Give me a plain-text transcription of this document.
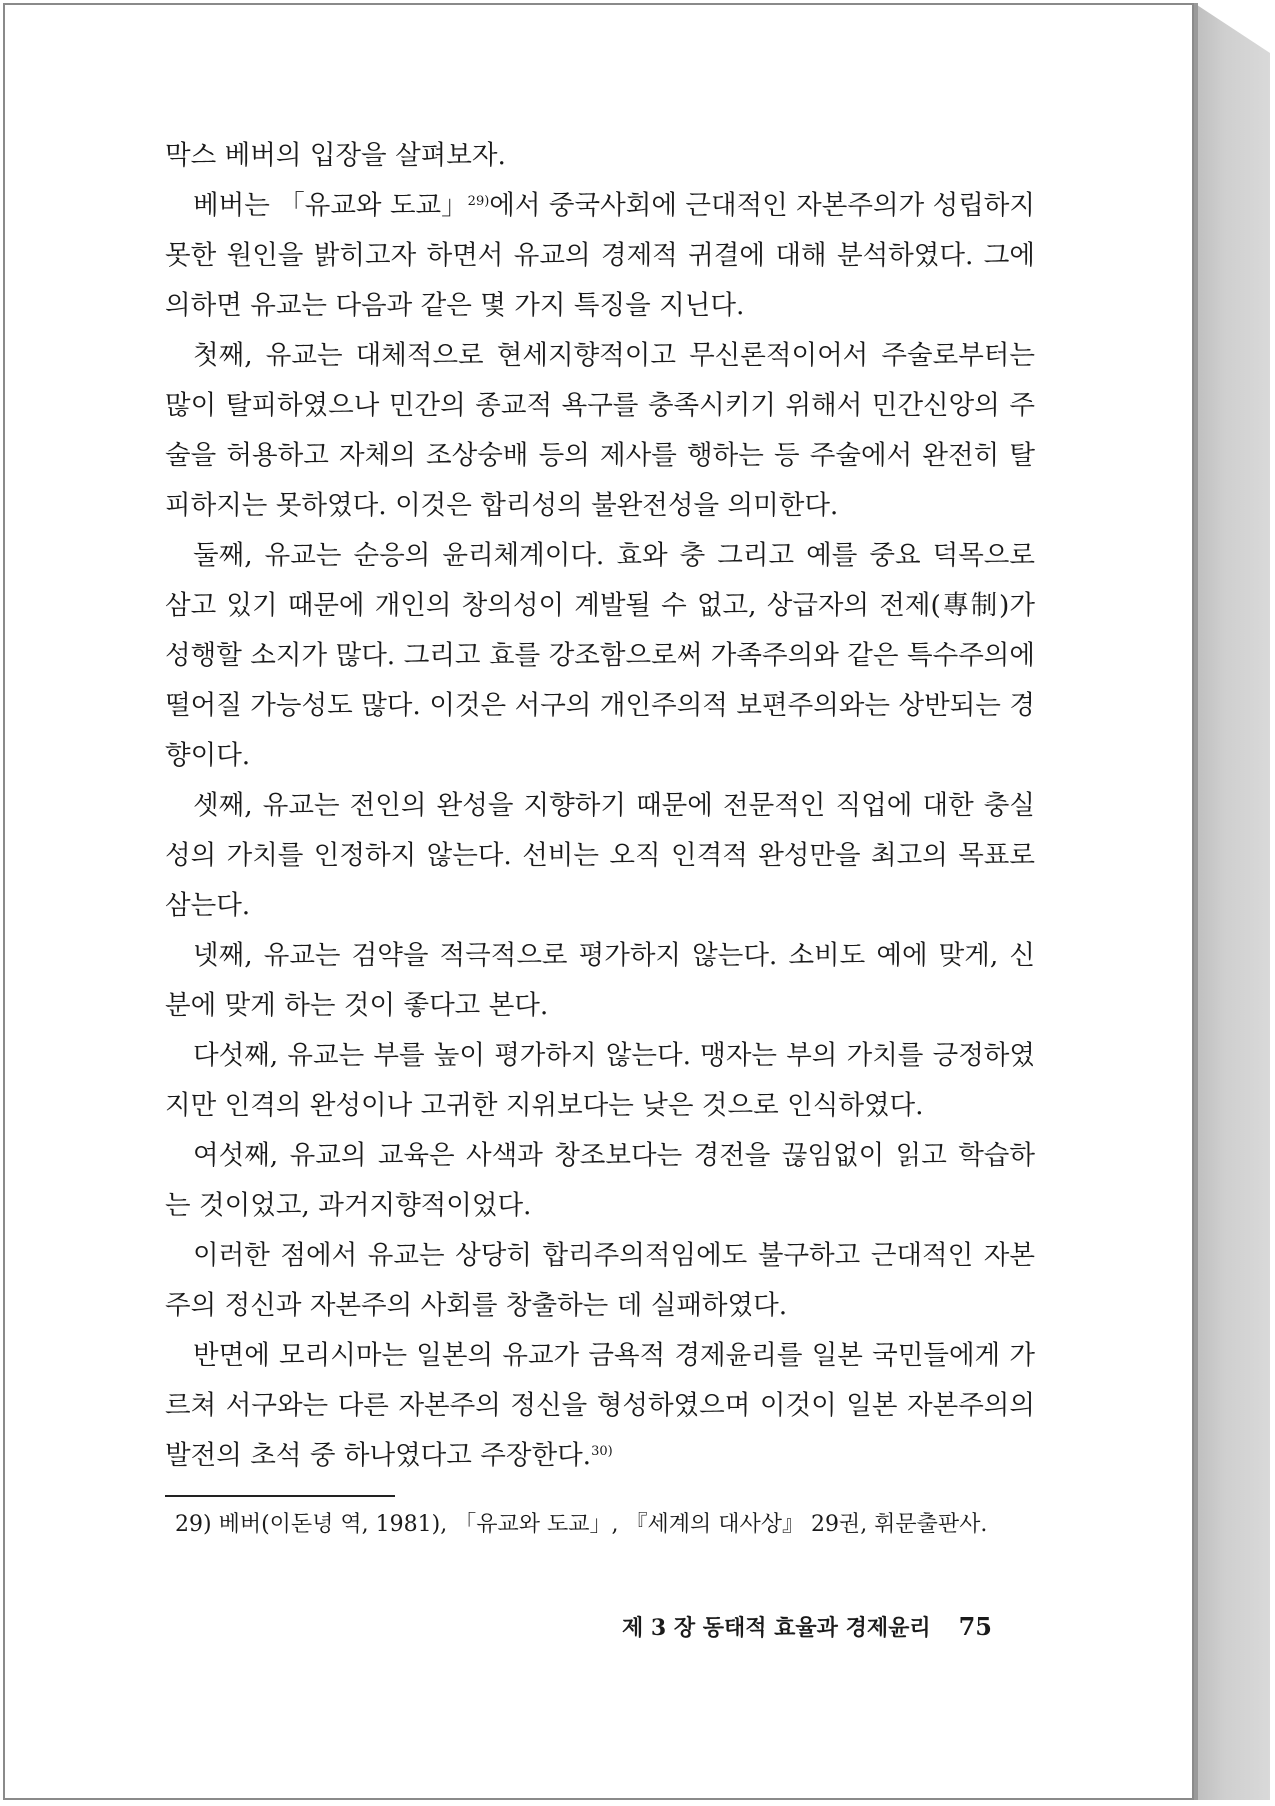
막스 베버의 입장을 살펴보자.

베버는 「유교와 도교」$^{29)}$에서 중국사회에 근대적인 자본주의가 성립하지 못한 원인을 밝히고자 하면서 유교의 경제적 귀결에 대해 분석하였다. 그에 의하면 유교는 다음과 같은 몇 가지 특징을 지닌다.

첫째, 유교는 대체적으로 현세지향적이고 무신론적이어서 주술로부터는 많이 탈피하였으나 민간의 종교적 욕구를 충족시키기 위해서 민간신앙의 주술을 허용하고 자체의 조상숭배 등의 제사를 행하는 등 주술에서 완전히 탈피하지는 못하였다. 이것은 합리성의 불완전성을 의미한다.

둘째, 유교는 순응의 윤리체계이다. 효와 충 그리고 예를 중요 덕목으로 삼고 있기 때문에 개인의 창의성이 계발될 수 없고, 상급자의 전제(專制)가 성행할 소지가 많다. 그리고 효를 강조함으로써 가족주의와 같은 특수주의에 떨어질 가능성도 많다. 이것은 서구의 개인주의적 보편주의와는 상반되는 경향이다.

셋째, 유교는 전인의 완성을 지향하기 때문에 전문적인 직업에 대한 충실성의 가치를 인정하지 않는다. 선비는 오직 인격적 완성만을 최고의 목표로 삼는다.

넷째, 유교는 검약을 적극적으로 평가하지 않는다. 소비도 예에 맞게, 신분에 맞게 하는 것이 좋다고 본다.

다섯째, 유교는 부를 높이 평가하지 않는다. 맹자는 부의 가치를 긍정하였지만 인격의 완성이나 고귀한 지위보다는 낮은 것으로 인식하였다.

여섯째, 유교의 교육은 사색과 창조보다는 경전을 끊임없이 읽고 학습하는 것이었고, 과거지향적이었다.

이러한 점에서 유교는 상당히 합리주의적임에도 불구하고 근대적인 자본주의 정신과 자본주의 사회를 창출하는 데 실패하였다.

반면에 모리시마는 일본의 유교가 금욕적 경제윤리를 일본 국민들에게 가르쳐 서구와는 다른 자본주의 정신을 형성하였으며 이것이 일본 자본주의의 발전의 초석 중 하나였다고 주장한다.$^{30)}$

29) 베버(이돈녕 역, 1981), 「유교와 도교」, 『세계의 대사상』 29권, 휘문출판사.
제 3 장 동태적 효율과 경제윤리 75
